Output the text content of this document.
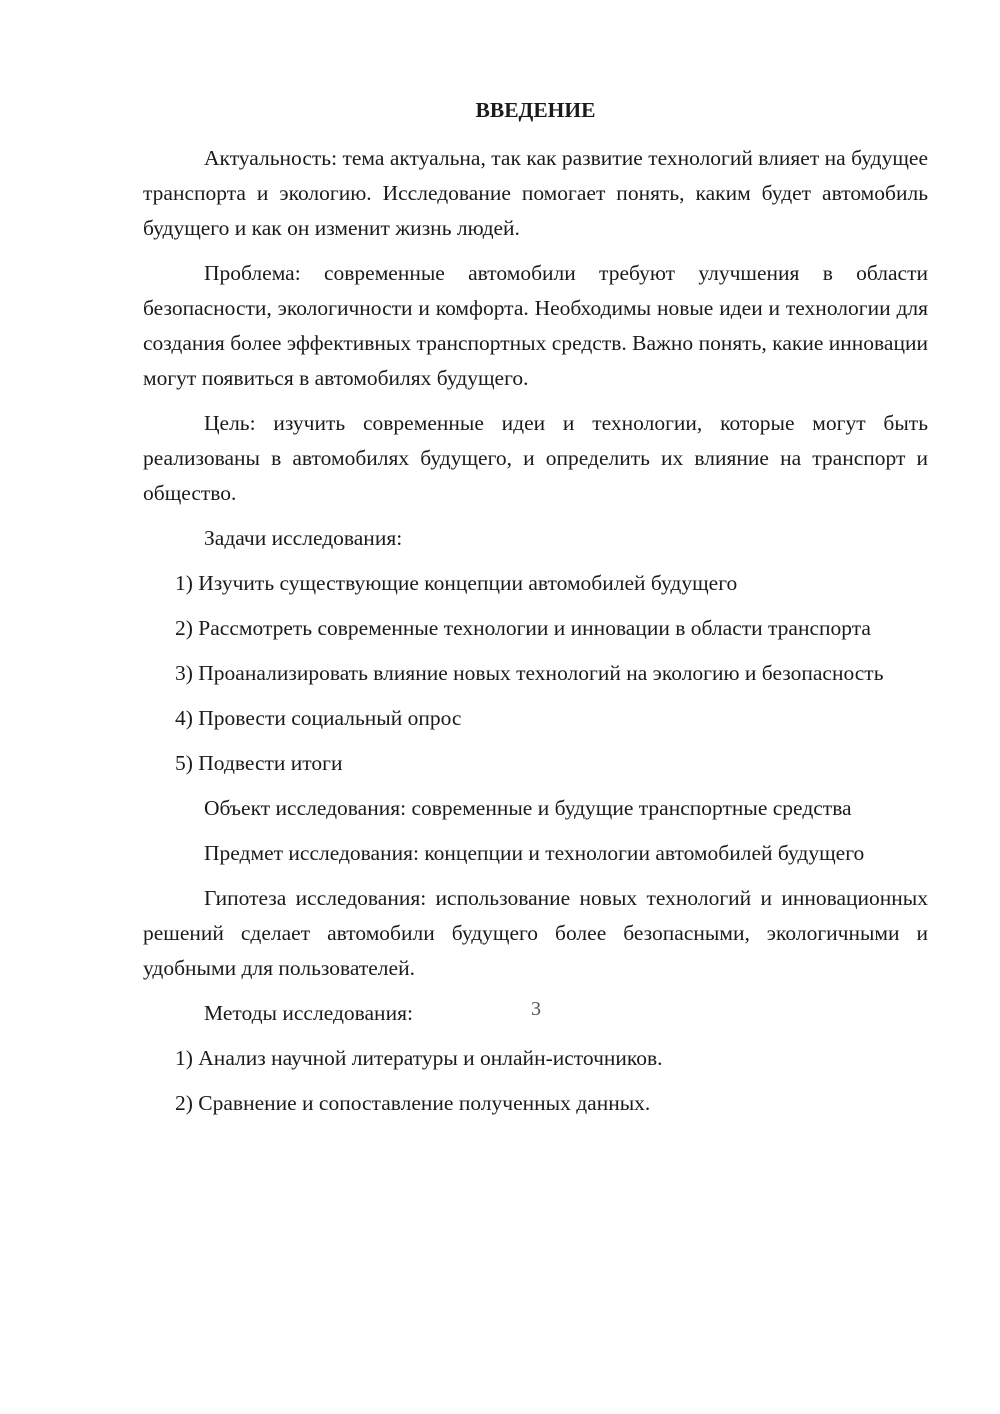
ВВЕДЕНИЕ

Актуальность: тема актуальна, так как развитие технологий влияет на будущее транспорта и экологию. Исследование помогает понять, каким будет автомобиль будущего и как он изменит жизнь людей.

Проблема: современные автомобили требуют улучшения в области безопасности, экологичности и комфорта. Необходимы новые идеи и технологии для создания более эффективных транспортных средств. Важно понять, какие инновации могут появиться в автомобилях будущего.

Цель: изучить современные идеи и технологии, которые могут быть реализованы в автомобилях будущего, и определить их влияние на транспорт и общество.

Задачи исследования:

1) Изучить существующие концепции автомобилей будущего

2) Рассмотреть современные технологии и инновации в области транспорта

3) Проанализировать влияние новых технологий на экологию и безопасность

4) Провести социальный опрос

5) Подвести итоги

Объект исследования: современные и будущие транспортные средства

Предмет исследования: концепции и технологии автомобилей будущего

Гипотеза исследования: использование новых технологий и инновационных решений сделает автомобили будущего более безопасными, экологичными и удобными для пользователей.

Методы исследования:

1) Анализ научной литературы и онлайн-источников.

2) Сравнение и сопоставление полученных данных.

3
